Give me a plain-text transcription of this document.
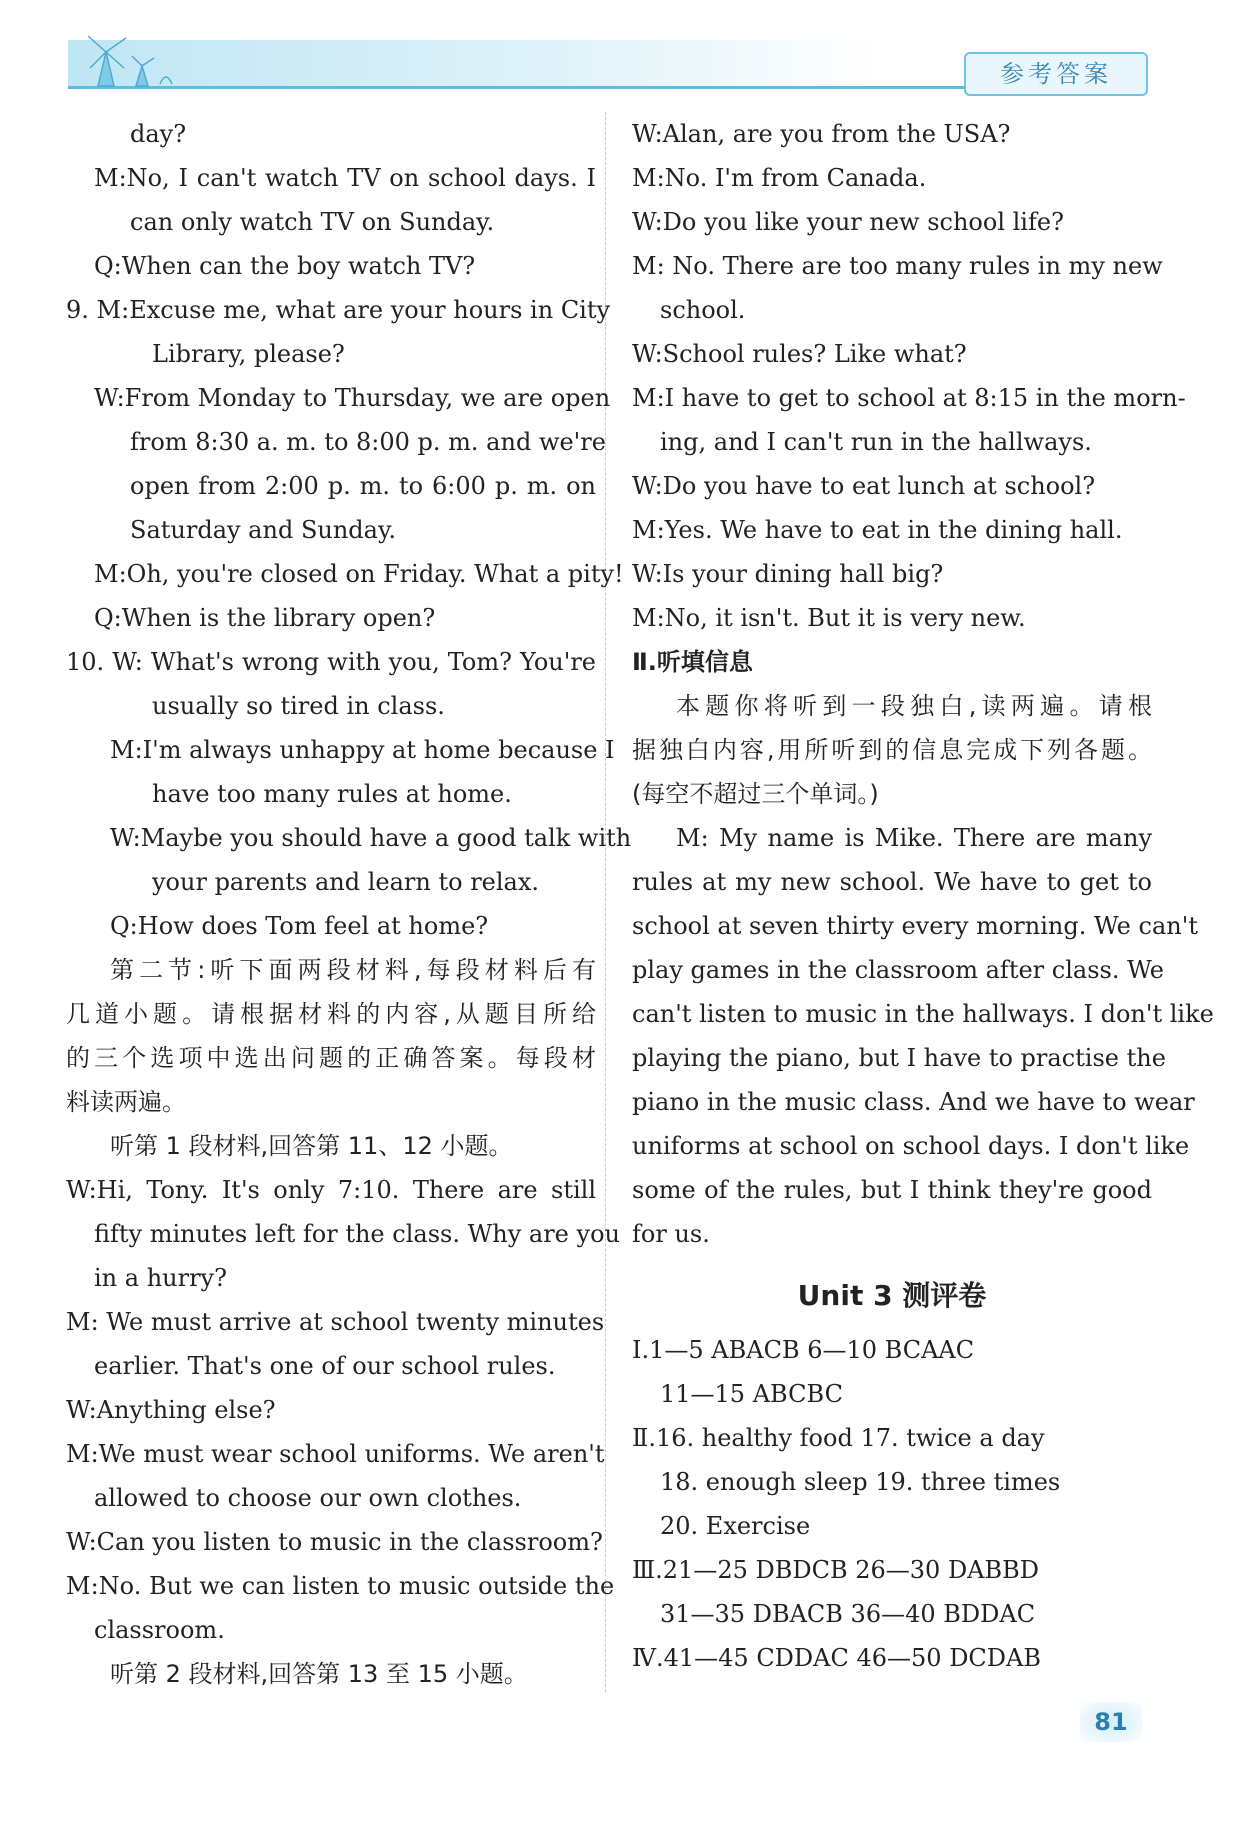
参考答案
day?
M:No, I can't watch TV on school days. I
can only watch TV on Sunday.
Q:When can the boy watch TV?
9. M:Excuse me, what are your hours in City
Library, please?
W:From Monday to Thursday, we are open
from 8:30 a. m. to 8:00 p. m. and we're
open from 2:00 p. m. to 6:00 p. m. on
Saturday and Sunday.
M:Oh, you're closed on Friday. What a pity!
Q:When is the library open?
10. W: What's wrong with you, Tom? You're
usually so tired in class.
M:I'm always unhappy at home because I
have too many rules at home.
W:Maybe you should have a good talk with
your parents and learn to relax.
Q:How does Tom feel at home?
第二节:听下面两段材料,每段材料后有
几道小题。请根据材料的内容,从题目所给
的三个选项中选出问题的正确答案。每段材
料读两遍。
听第 1 段材料,回答第 11、12 小题。
W:Hi, Tony. It's only 7:10. There are still
fifty minutes left for the class. Why are you
in a hurry?
M: We must arrive at school twenty minutes
earlier. That's one of our school rules.
W:Anything else?
M:We must wear school uniforms. We aren't
allowed to choose our own clothes.
W:Can you listen to music in the classroom?
M:No. But we can listen to music outside the
classroom.
听第 2 段材料,回答第 13 至 15 小题。
W:Alan, are you from the USA?
M:No. I'm from Canada.
W:Do you like your new school life?
M: No. There are too many rules in my new
school.
W:School rules? Like what?
M:I have to get to school at 8:15 in the morn-
ing, and I can't run in the hallways.
W:Do you have to eat lunch at school?
M:Yes. We have to eat in the dining hall.
W:Is your dining hall big?
M:No, it isn't. But it is very new.
Ⅱ.听填信息
本题你将听到一段独白,读两遍。请根
据独白内容,用所听到的信息完成下列各题。
(每空不超过三个单词。)
M: My name is Mike. There are many
rules at my new school. We have to get to
school at seven thirty every morning. We can't
play games in the classroom after class. We
can't listen to music in the hallways. I don't like
playing the piano, but I have to practise the
piano in the music class. And we have to wear
uniforms at school on school days. I don't like
some of the rules, but I think they're good
for us.
Unit 3 测评卷
Ⅰ.1—5 ABACB 6—10 BCAAC
11—15 ABCBC
Ⅱ.16. healthy food 17. twice a day
18. enough sleep 19. three times
20. Exercise
Ⅲ.21—25 DBDCB 26—30 DABBD
31—35 DBACB 36—40 BDDAC
Ⅳ.41—45 CDDAC 46—50 DCDAB
81
